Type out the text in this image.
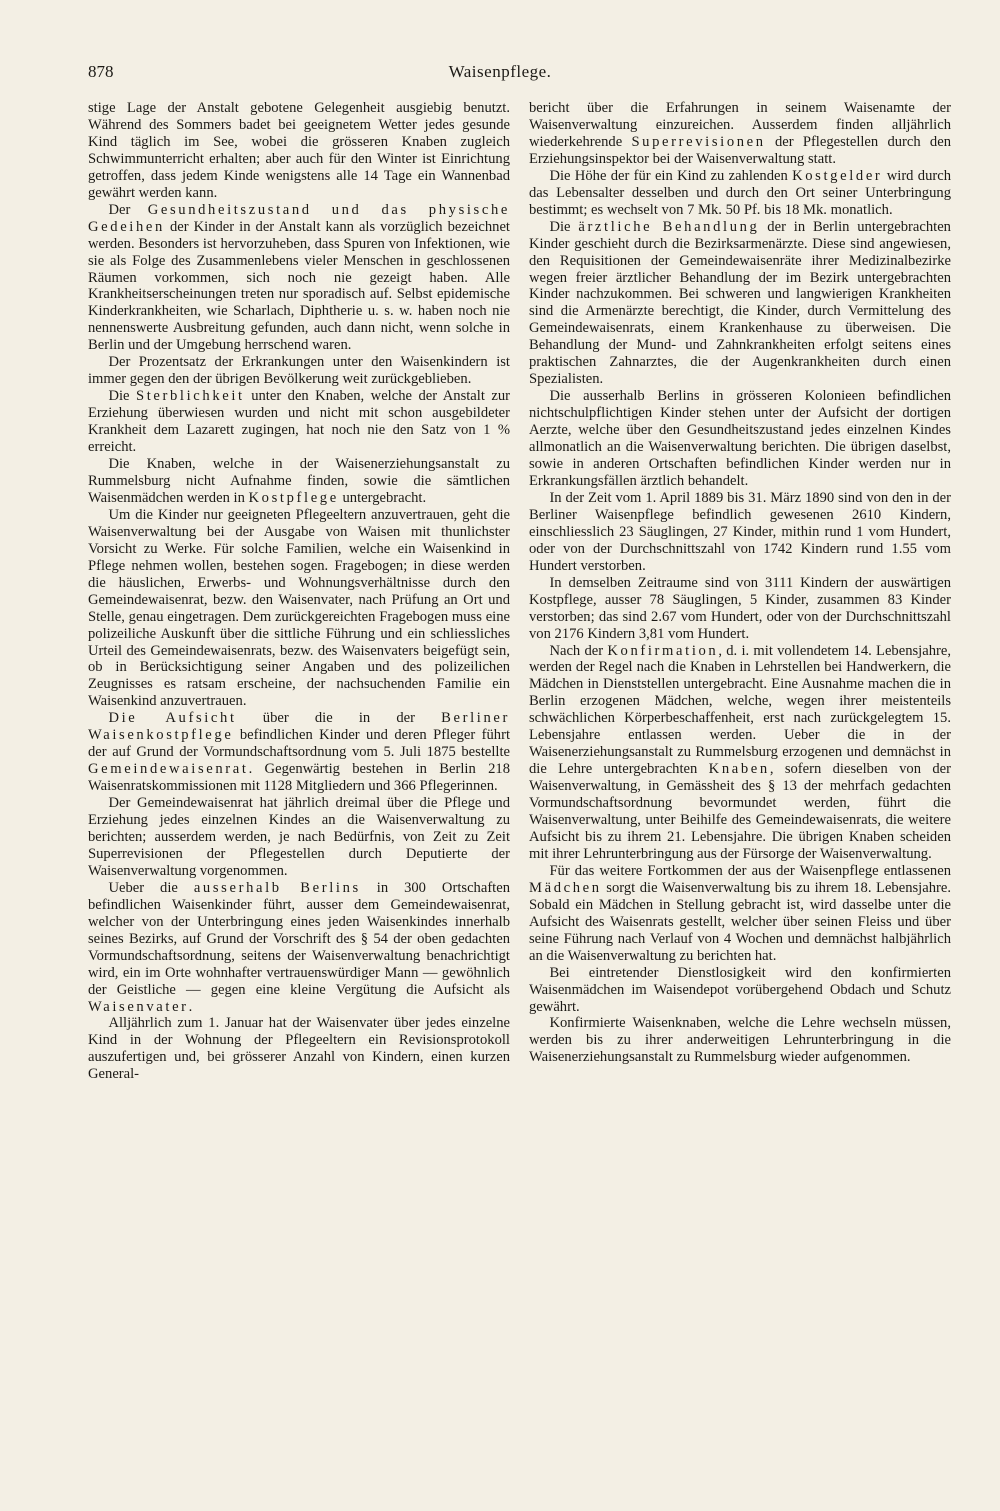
878	Waisenpflege.

stige Lage der Anstalt gebotene Gelegenheit ausgiebig benutzt. Während des Sommers badet bei geeignetem Wetter jedes gesunde Kind täglich im See, wobei die grösseren Knaben zugleich Schwimmunterricht erhalten; aber auch für den Winter ist Einrichtung getroffen, dass jedem Kinde wenigstens alle 14 Tage ein Wannenbad gewährt werden kann.

Der Gesundheitszustand und das physische Gedeihen der Kinder in der Anstalt kann als vorzüglich bezeichnet werden. Besonders ist hervorzuheben, dass Spuren von Infektionen, wie sie als Folge des Zusammenlebens vieler Menschen in geschlossenen Räumen vorkommen, sich noch nie gezeigt haben. Alle Krankheitserscheinungen treten nur sporadisch auf. Selbst epidemische Kinderkrankheiten, wie Scharlach, Diphtherie u. s. w. haben noch nie nennenswerte Ausbreitung gefunden, auch dann nicht, wenn solche in Berlin und der Umgebung herrschend waren.

Der Prozentsatz der Erkrankungen unter den Waisenkindern ist immer gegen den der übrigen Bevölkerung weit zurückgeblieben.

Die Sterblichkeit unter den Knaben, welche der Anstalt zur Erziehung überwiesen wurden und nicht mit schon ausgebildeter Krankheit dem Lazarett zugingen, hat noch nie den Satz von 1 % erreicht.

Die Knaben, welche in der Waisenerziehungsanstalt zu Rummelsburg nicht Aufnahme finden, sowie die sämtlichen Waisenmädchen werden in Kostpflege untergebracht.

Um die Kinder nur geeigneten Pflegeeltern anzuvertrauen, geht die Waisenverwaltung bei der Ausgabe von Waisen mit thunlichster Vorsicht zu Werke. Für solche Familien, welche ein Waisenkind in Pflege nehmen wollen, bestehen sogen. Fragebogen; in diese werden die häuslichen, Erwerbs- und Wohnungsverhältnisse durch den Gemeindewaisenrat, bezw. den Waisenvater, nach Prüfung an Ort und Stelle, genau eingetragen. Dem zurückgereichten Fragebogen muss eine polizeiliche Auskunft über die sittliche Führung und ein schliessliches Urteil des Gemeindewaisenrats, bezw. des Waisenvaters beigefügt sein, ob in Berücksichtigung seiner Angaben und des polizeilichen Zeugnisses es ratsam erscheine, der nachsuchenden Familie ein Waisenkind anzuvertrauen.

Die Aufsicht über die in der Berliner Waisenkostpflege befindlichen Kinder und deren Pfleger führt der auf Grund der Vormundschaftsordnung vom 5. Juli 1875 bestellte Gemeindewaisenrat. Gegenwärtig bestehen in Berlin 218 Waisenratskommissionen mit 1128 Mitgliedern und 366 Pflegerinnen.

Der Gemeindewaisenrat hat jährlich dreimal über die Pflege und Erziehung jedes einzelnen Kindes an die Waisenverwaltung zu berichten; ausserdem werden, je nach Bedürfnis, von Zeit zu Zeit Superrevisionen der Pflegestellen durch Deputierte der Waisenverwaltung vorgenommen.

Ueber die ausserhalb Berlins in 300 Ortschaften befindlichen Waisenkinder führt, ausser dem Gemeindewaisenrat, welcher von der Unterbringung eines jeden Waisenkindes innerhalb seines Bezirks, auf Grund der Vorschrift des § 54 der oben gedachten Vormundschaftsordnung, seitens der Waisenverwaltung benachrichtigt wird, ein im Orte wohnhafter vertrauenswürdiger Mann — gewöhnlich der Geistliche — gegen eine kleine Vergütung die Aufsicht als Waisenvater.

Alljährlich zum 1. Januar hat der Waisenvater über jedes einzelne Kind in der Wohnung der Pflegeeltern ein Revisionsprotokoll auszufertigen und, bei grösserer Anzahl von Kindern, einen kurzen General-

bericht über die Erfahrungen in seinem Waisenamte der Waisenverwaltung einzureichen. Ausserdem finden alljährlich wiederkehrende Superrevisionen der Pflegestellen durch den Erziehungsinspektor bei der Waisenverwaltung statt.

Die Höhe der für ein Kind zu zahlenden Kostgelder wird durch das Lebensalter desselben und durch den Ort seiner Unterbringung bestimmt; es wechselt von 7 Mk. 50 Pf. bis 18 Mk. monatlich.

Die ärztliche Behandlung der in Berlin untergebrachten Kinder geschieht durch die Bezirksarmenärzte. Diese sind angewiesen, den Requisitionen der Gemeindewaisenräte ihrer Medizinalbezirke wegen freier ärztlicher Behandlung der im Bezirk untergebrachten Kinder nachzukommen. Bei schweren und langwierigen Krankheiten sind die Armenärzte berechtigt, die Kinder, durch Vermittelung des Gemeindewaisenrats, einem Krankenhause zu überweisen. Die Behandlung der Mund- und Zahnkrankheiten erfolgt seitens eines praktischen Zahnarztes, die der Augenkrankheiten durch einen Spezialisten.

Die ausserhalb Berlins in grösseren Kolonieen befindlichen nichtschulpflichtigen Kinder stehen unter der Aufsicht der dortigen Aerzte, welche über den Gesundheitszustand jedes einzelnen Kindes allmonatlich an die Waisenverwaltung berichten. Die übrigen daselbst, sowie in anderen Ortschaften befindlichen Kinder werden nur in Erkrankungsfällen ärztlich behandelt.

In der Zeit vom 1. April 1889 bis 31. März 1890 sind von den in der Berliner Waisenpflege befindlich gewesenen 2610 Kindern, einschliesslich 23 Säuglingen, 27 Kinder, mithin rund 1 vom Hundert, oder von der Durchschnittszahl von 1742 Kindern rund 1.55 vom Hundert verstorben.

In demselben Zeitraume sind von 3111 Kindern der auswärtigen Kostpflege, ausser 78 Säuglingen, 5 Kinder, zusammen 83 Kinder verstorben; das sind 2.67 vom Hundert, oder von der Durchschnittszahl von 2176 Kindern 3,81 vom Hundert.

Nach der Konfirmation, d. i. mit vollendetem 14. Lebensjahre, werden der Regel nach die Knaben in Lehrstellen bei Handwerkern, die Mädchen in Dienststellen untergebracht. Eine Ausnahme machen die in Berlin erzogenen Mädchen, welche, wegen ihrer meistenteils schwächlichen Körperbeschaffenheit, erst nach zurückgelegtem 15. Lebensjahre entlassen werden. Ueber die in der Waisenerziehungsanstalt zu Rummelsburg erzogenen und demnächst in die Lehre untergebrachten Knaben, sofern dieselben von der Waisenverwaltung, in Gemässheit des § 13 der mehrfach gedachten Vormundschaftsordnung bevormundet werden, führt die Waisenverwaltung, unter Beihilfe des Gemeindewaisenrats, die weitere Aufsicht bis zu ihrem 21. Lebensjahre. Die übrigen Knaben scheiden mit ihrer Lehrunterbringung aus der Fürsorge der Waisenverwaltung.

Für das weitere Fortkommen der aus der Waisenpflege entlassenen Mädchen sorgt die Waisenverwaltung bis zu ihrem 18. Lebensjahre. Sobald ein Mädchen in Stellung gebracht ist, wird dasselbe unter die Aufsicht des Waisenrats gestellt, welcher über seinen Fleiss und über seine Führung nach Verlauf von 4 Wochen und demnächst halbjährlich an die Waisenverwaltung zu berichten hat.

Bei eintretender Dienstlosigkeit wird den konfirmierten Waisenmädchen im Waisendepot vorübergehend Obdach und Schutz gewährt.

Konfirmierte Waisenknaben, welche die Lehre wechseln müssen, werden bis zu ihrer anderweitigen Lehrunterbringung in die Waisenerziehungsanstalt zu Rummelsburg wieder aufgenommen.
